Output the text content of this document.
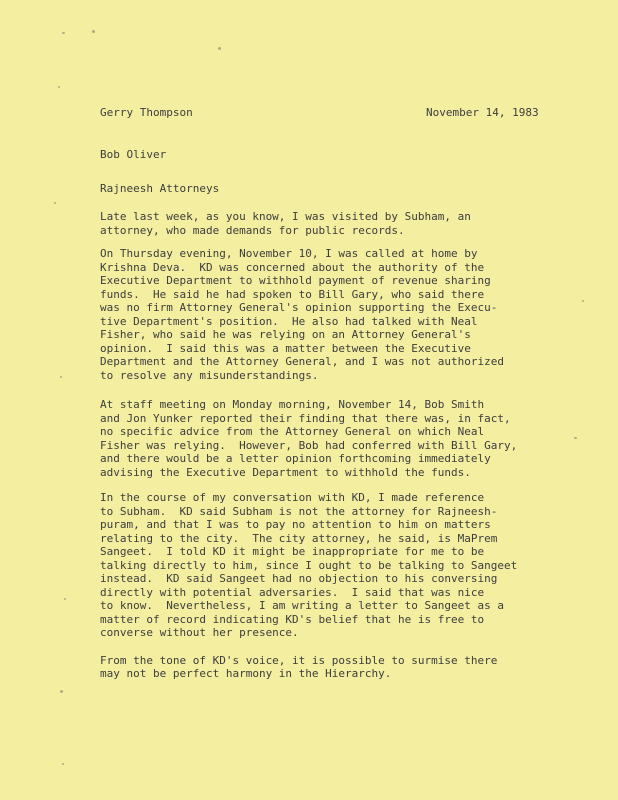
Gerry Thompson	November 14, 1983
Bob Oliver
Rajneesh Attorneys

Late last week, as you know, I was visited by Subham, an
attorney, who made demands for public records.

On Thursday evening, November 10, I was called at home by
Krishna Deva.  KD was concerned about the authority of the
Executive Department to withhold payment of revenue sharing
funds.  He said he had spoken to Bill Gary, who said there
was no firm Attorney General's opinion supporting the Execu-
tive Department's position.  He also had talked with Neal
Fisher, who said he was relying on an Attorney General's
opinion.  I said this was a matter between the Executive
Department and the Attorney General, and I was not authorized
to resolve any misunderstandings.

At staff meeting on Monday morning, November 14, Bob Smith
and Jon Yunker reported their finding that there was, in fact,
no specific advice from the Attorney General on which Neal
Fisher was relying.  However, Bob had conferred with Bill Gary,
and there would be a letter opinion forthcoming immediately
advising the Executive Department to withhold the funds.

In the course of my conversation with KD, I made reference
to Subham.  KD said Subham is not the attorney for Rajneesh-
puram, and that I was to pay no attention to him on matters
relating to the city.  The city attorney, he said, is MaPrem
Sangeet.  I told KD it might be inappropriate for me to be
talking directly to him, since I ought to be talking to Sangeet
instead.  KD said Sangeet had no objection to his conversing
directly with potential adversaries.  I said that was nice
to know.  Nevertheless, I am writing a letter to Sangeet as a
matter of record indicating KD's belief that he is free to
converse without her presence.

From the tone of KD's voice, it is possible to surmise there
may not be perfect harmony in the Hierarchy.
